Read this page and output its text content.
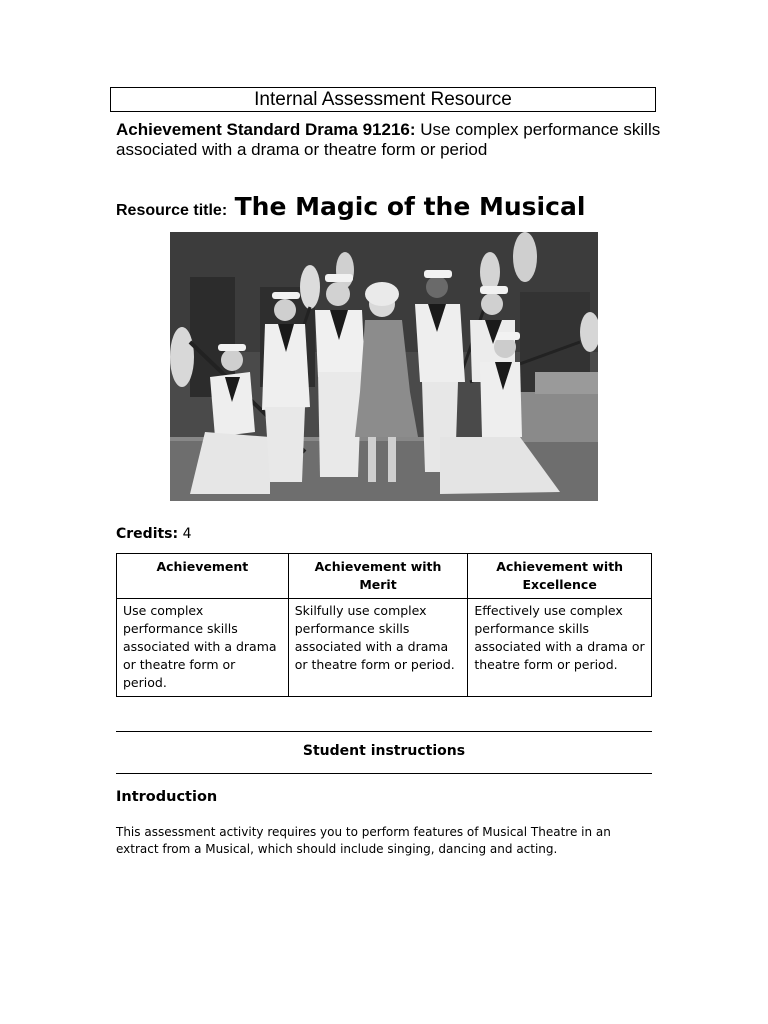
Internal Assessment Resource
Achievement Standard Drama 91216: Use complex performance skills associated with a drama or theatre form or period
Resource title: The Magic of the Musical
Credits: 4
Achievement	Achievement with Merit	Achievement with Excellence
Use complex performance skills associated with a drama or theatre form or period.	Skilfully use complex performance skills associated with a drama or theatre form or period.	Effectively use complex performance skills associated with a drama or theatre form or period.
Student instructions
Introduction
This assessment activity requires you to perform features of Musical Theatre in an extract from a Musical, which should include singing, dancing and acting.
